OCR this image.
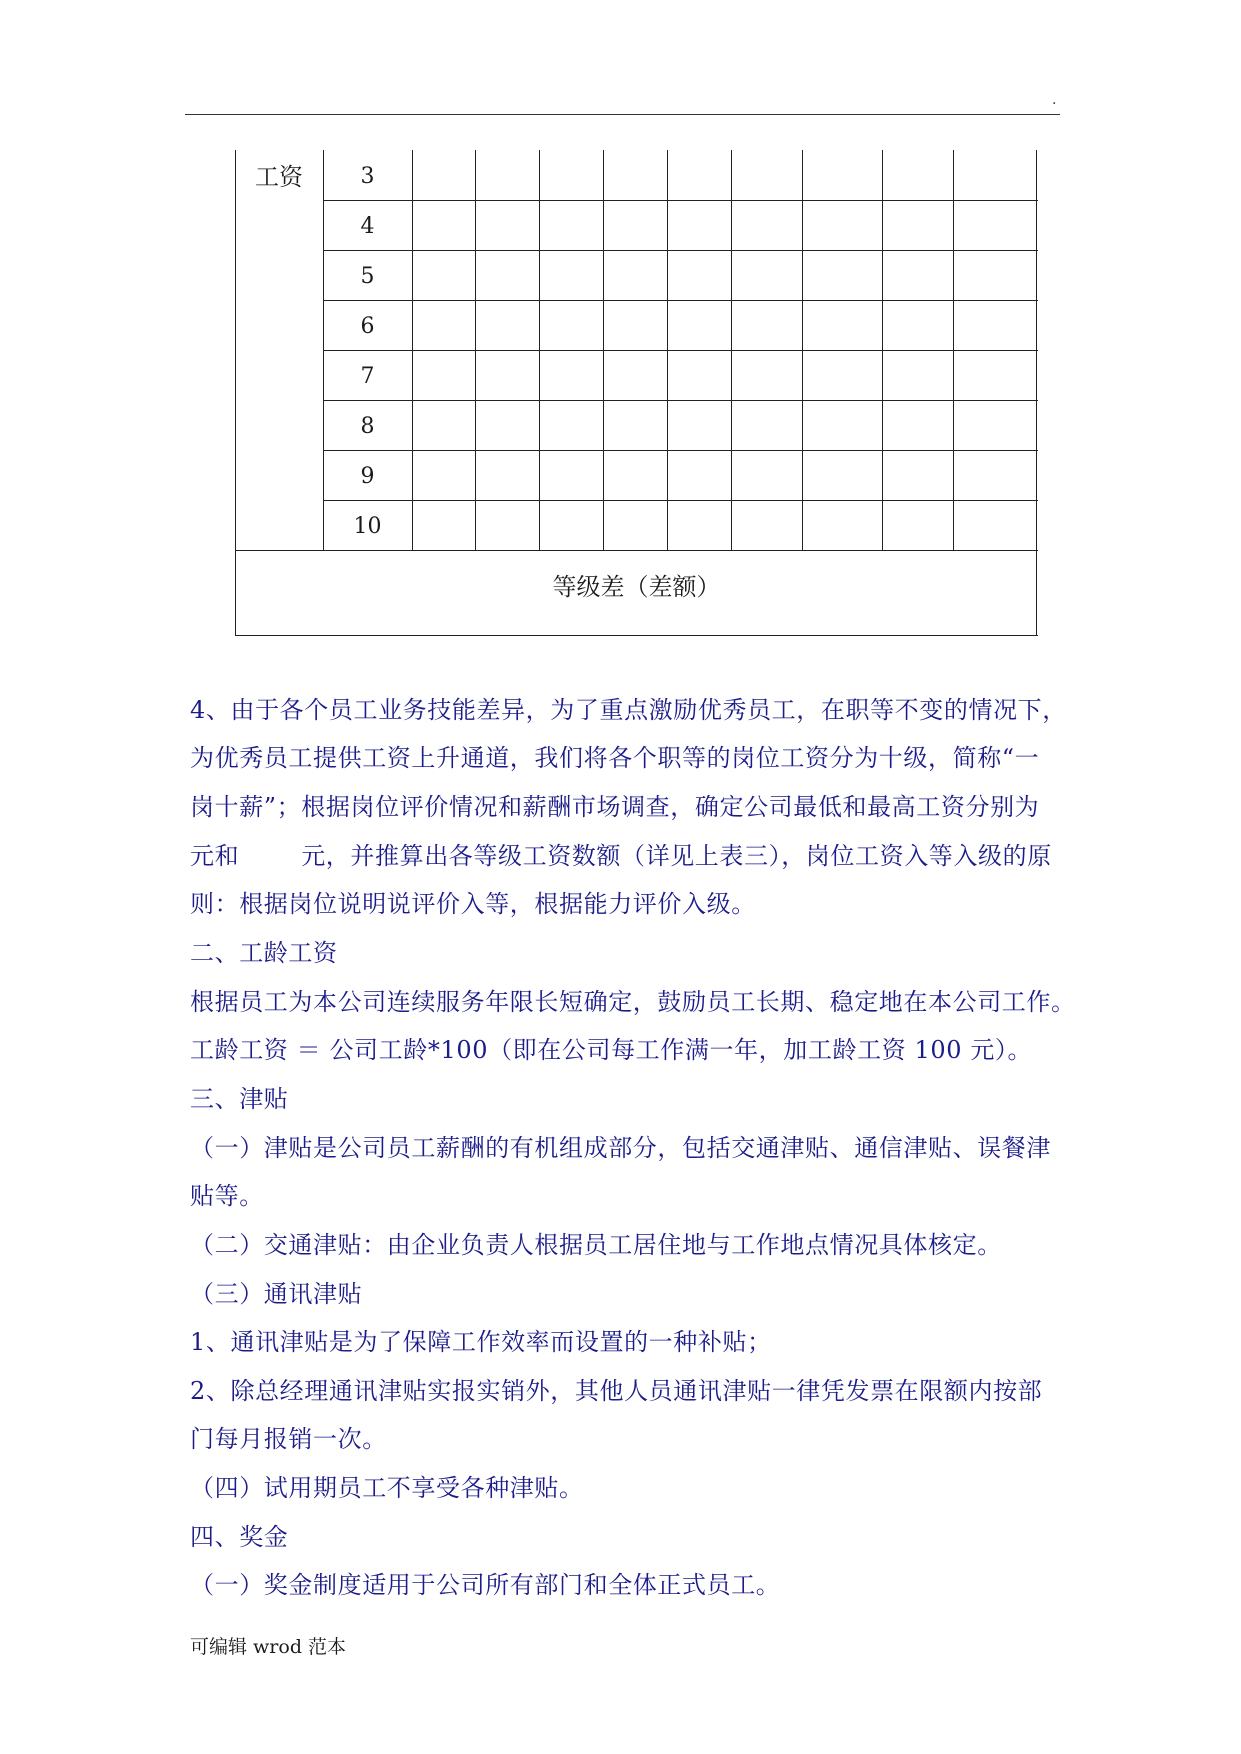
.
工资	3
4
5
6
7
8
9
10
等级差（差额）
4、由于各个员工业务技能差异，为了重点激励优秀员工，在职等不变的情况下，
为优秀员工提供工资上升通道，我们将各个职等的岗位工资分为十级，简称“一
岗十薪”；根据岗位评价情况和薪酬市场调查，确定公司最低和最高工资分别为
元和	元，并推算出各等级工资数额（详见上表三），岗位工资入等入级的原
则：根据岗位说明说评价入等，根据能力评价入级。
二、工龄工资
根据员工为本公司连续服务年限长短确定，鼓励员工长期、稳定地在本公司工作。
工龄工资 ＝ 公司工龄*100（即在公司每工作满一年，加工龄工资 100 元）。
三、津贴
（一）津贴是公司员工薪酬的有机组成部分，包括交通津贴、通信津贴、误餐津
贴等。
（二）交通津贴：由企业负责人根据员工居住地与工作地点情况具体核定。
（三）通讯津贴
1、通讯津贴是为了保障工作效率而设置的一种补贴；
2、除总经理通讯津贴实报实销外，其他人员通讯津贴一律凭发票在限额内按部
门每月报销一次。
（四）试用期员工不享受各种津贴。
四、奖金
（一）奖金制度适用于公司所有部门和全体正式员工。
可编辑 wrod 范本
